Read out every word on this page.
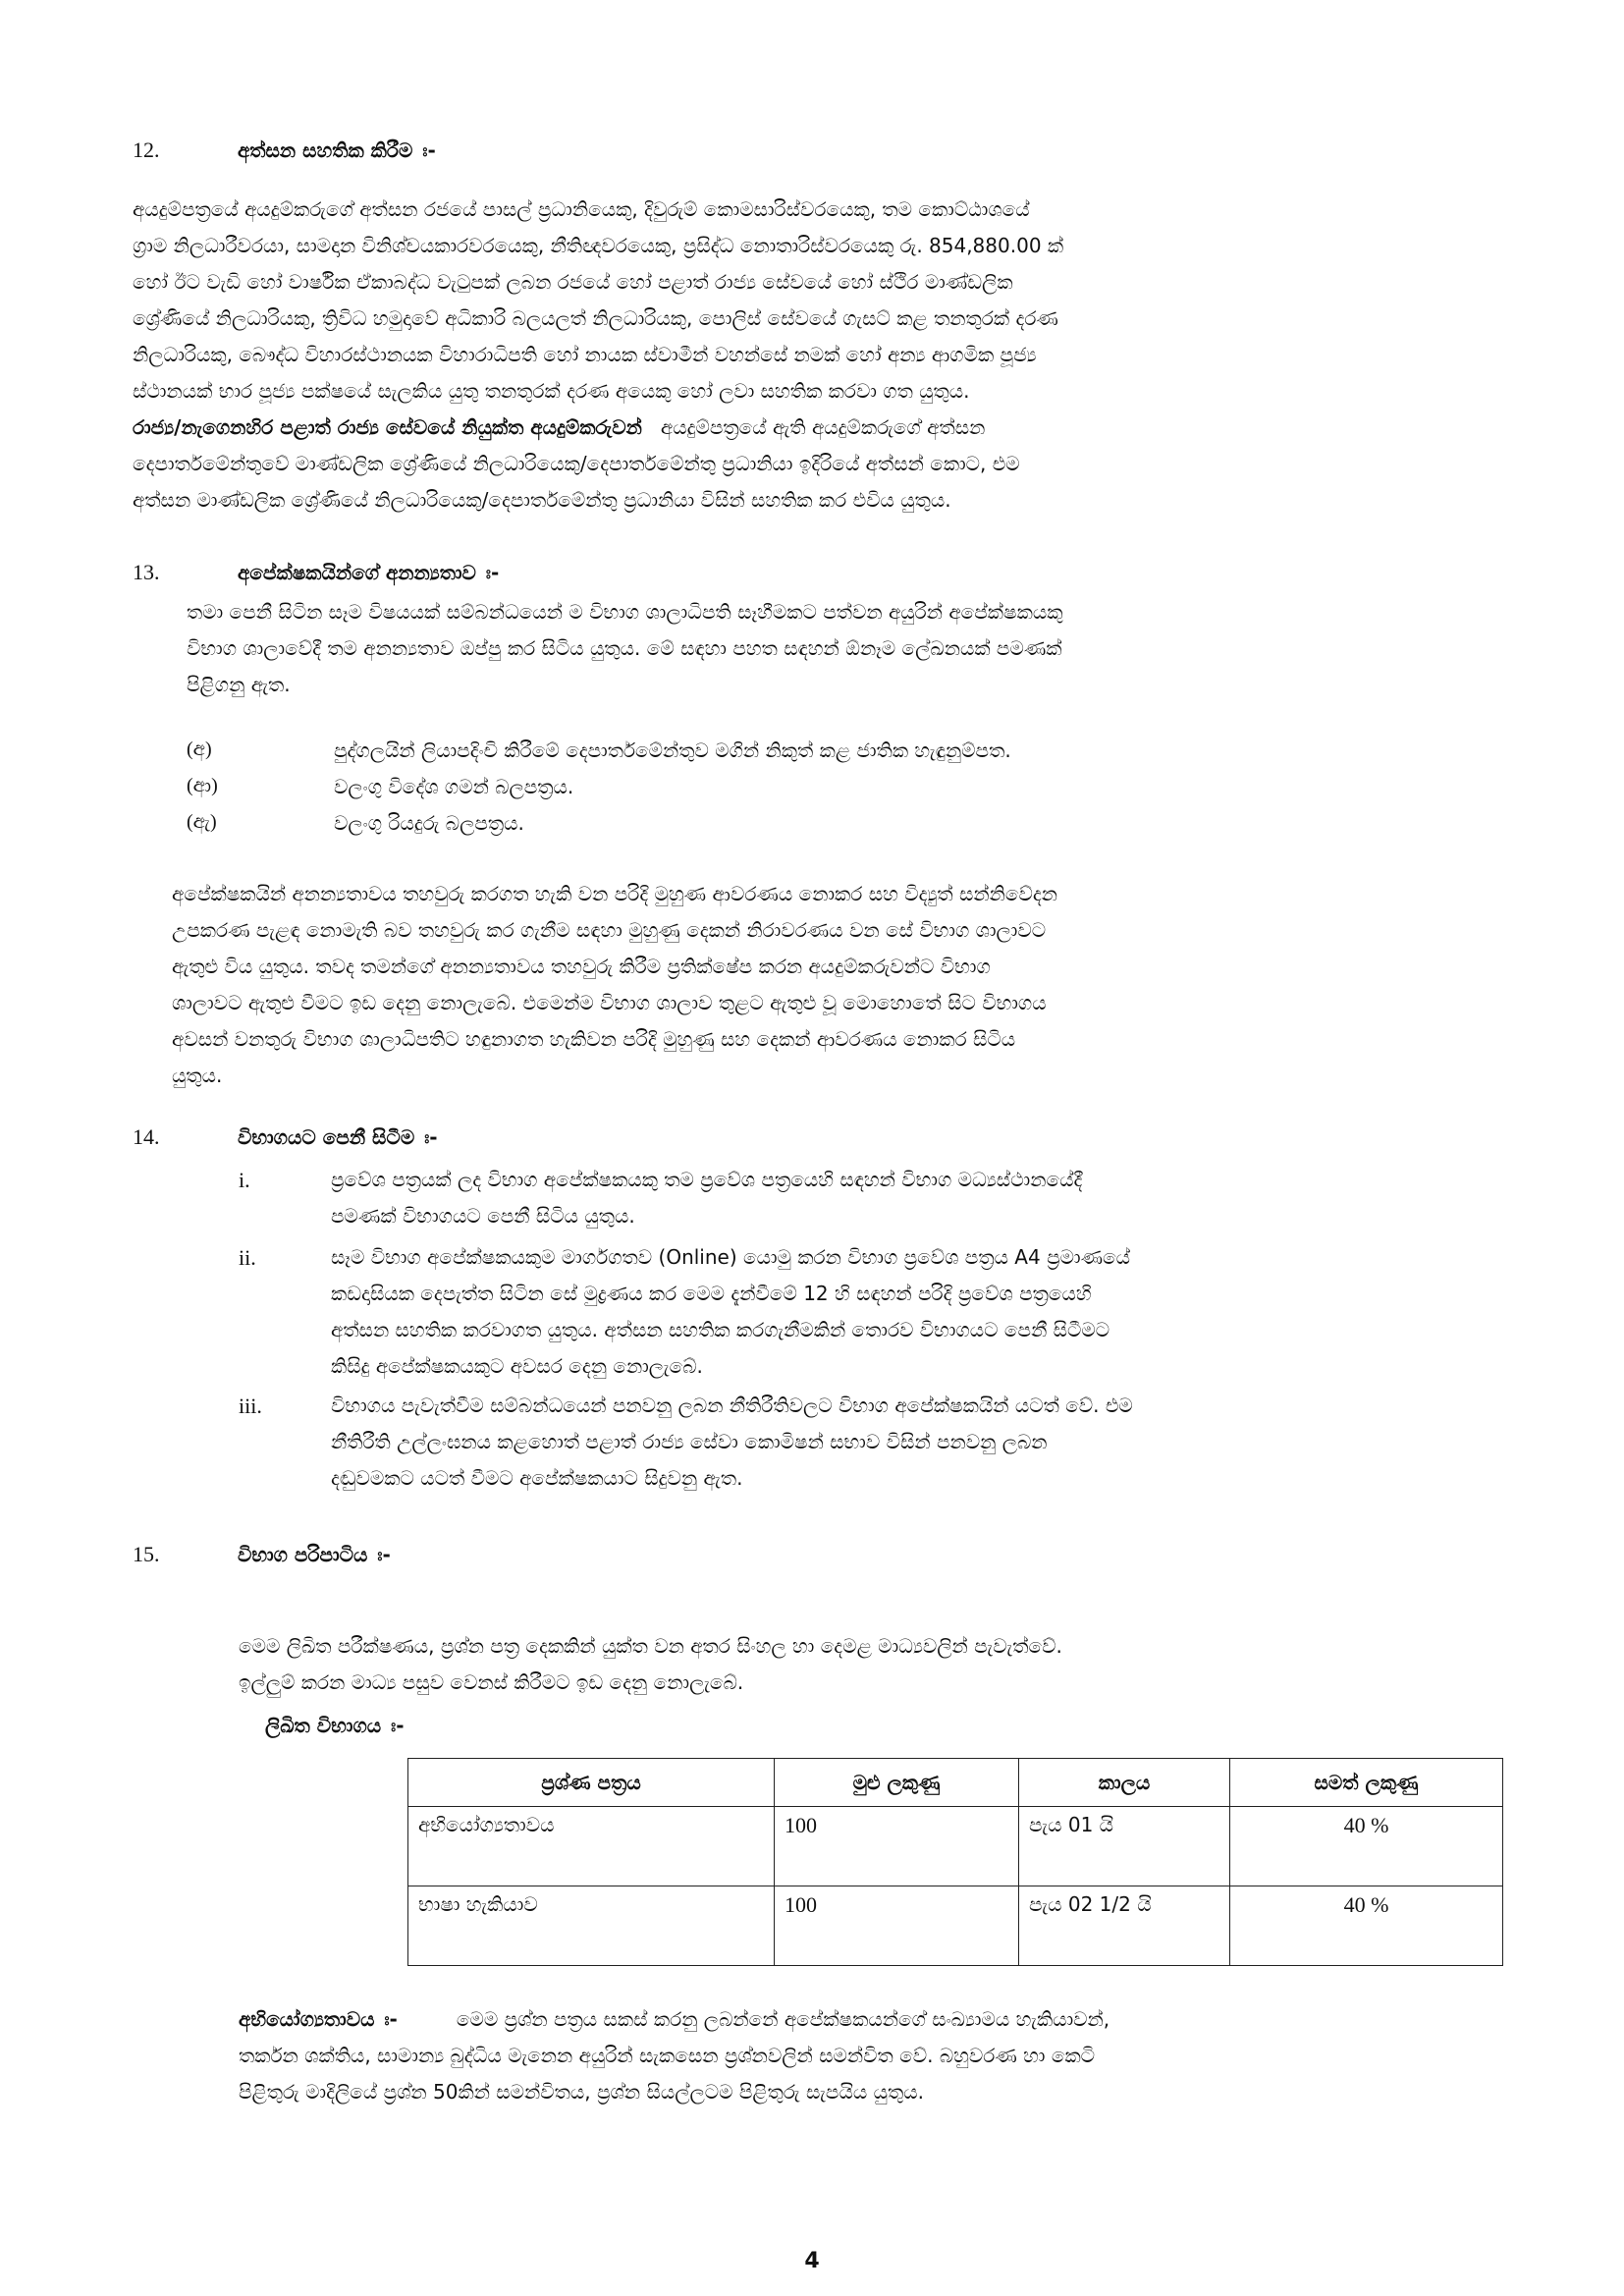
12.	අත්සන සහතික කිරීම ඃ-
අයදුම්පත්‍රයේ අයදුම්කරුගේ අත්සන රජයේ පාසල් ප්‍රධානියෙකු, දිවුරුම් කොමසාරිස්වරයෙකු, තම කොට්ඨාශයේ
ග්‍රාම නිලධාරීවරයා, සාමදාන විනිශ්චයකාරවරයෙකු, නීතිඥවරයෙකු, ප්‍රසිද්ධ නොතාරිස්වරයෙකු රු. 854,880.00 ක්
හෝ ඊට වැඩි හෝ වාර්ෂික ඒකාබද්ධ වැටුපක් ලබන රජයේ හෝ පළාත් රාජ්‍ය සේවයේ හෝ ස්ථිර මාණ්ඩලික
ශ්‍රේණියේ නිලධාරියකු, ත්‍රිවිධ හමුදාවේ අධිකාරි බලයලත් නිලධාරියකු, පොලිස් සේවයේ ගැසට් කළ තනතුරක් දරණ
නිලධාරියකු, බෞද්ධ විහාරස්ථානයක විහාරාධිපති හෝ නායක ස්වාමීන් වහන්සේ නමක් හෝ අන්‍ය ආගමික පූජ්‍ය
ස්ථානයක් භාර පූජ්‍ය පක්ෂයේ සැලකිය යුතු තනතුරක් දරණ අයෙකු හෝ ලවා සහතික කරවා ගත යුතුය.
රාජ්‍ය/නැගෙනහිර පළාත් රාජ්‍ය සේවයේ නියුක්ත අයදුම්කරුවන් අයදුම්පත්‍රයේ ඇති අයදුම්කරුගේ අත්සන
දෙපාර්තමේන්තුවේ මාණ්ඩලික ශ්‍රේණියේ නිලධාරියෙකු/දෙපාර්තමේන්තු ප්‍රධානියා ඉදිරියේ අත්සන් කොට, එම
අත්සන මාණ්ඩලික ශ්‍රේණියේ නිලධාරියෙකු/දෙපාර්තමේන්තු ප්‍රධානියා විසින් සහතික කර එවිය යුතුය.
13.	අපේක්ෂකයින්ගේ අනන්‍යතාව ඃ-
තමා පෙනී සිටින සෑම විෂයයක් සම්බන්ධයෙන් ම විභාග ශාලාධිපති සෑහීමකට පත්වන අයුරින් අපේක්ෂකයකු
විභාග ශාලාවේදී තම අනන්‍යතාව ඔප්පු කර සිටිය යුතුය. මේ සඳහා පහත සඳහන් ඕනෑම ලේඛනයක් පමණක්
පිළිගනු ඇත.
(අ)	පුද්ගලයින් ලියාපදිංචි කිරීමේ දෙපාර්තමේන්තුව මගින් නිකුත් කළ ජාතික හැඳුනුම්පත.
(ආ)	වලංගු විදේශ ගමන් බලපත්‍රය.
(ඇ)	වලංගු රියදුරු බලපත්‍රය.
අපේක්ෂකයින් අනන්‍යතාවය තහවුරු කරගත හැකි වන පරිදි මුහුණ ආවරණය නොකර සහ විද්‍යුත් සන්නිවේදන
උපකරණ පැළඳ නොමැති බව තහවුරු කර ගැනීම සඳහා මුහුණු දෙකන් නිරාවරණය වන සේ විභාග ශාලාවට
ඇතුළු විය යුතුය. තවද තමන්ගේ අනන්‍යතාවය තහවුරු කිරීම ප්‍රතික්ෂේප කරන අයදුම්කරුවන්ට විභාග
ශාලාවට ඇතුළු වීමට ඉඩ දෙනු නොලැබේ. එමෙන්ම විභාග ශාලාව තුළට ඇතුළු වූ මොහොතේ සිට විභාගය
අවසන් වනතුරු විභාග ශාලාධිපතිට හඳුනාගත හැකිවන පරිදි මුහුණු සහ දෙකන් ආවරණය නොකර සිටිය
යුතුය.
14.	විභාගයට පෙනී සිටීම ඃ-
i.	ප්‍රවේශ පත්‍රයක් ලද විභාග අපේක්ෂකයකු තම ප්‍රවේශ පත්‍රයෙහි සඳහන් විභාග මධ්‍යස්ථානයේදී
පමණක් විභාගයට පෙනී සිටිය යුතුය.
ii.	සෑම විභාග අපේක්ෂකයකුම මාර්ගගතව (Online) යොමු කරන විභාග ප්‍රවේශ පත්‍රය A4 ප්‍රමාණයේ
කඩදාසියක දෙපැත්ත සිටින සේ මුද්‍රණය කර මෙම දැන්වීමේ 12 හි සඳහන් පරිදි ප්‍රවේශ පත්‍රයෙහි
අත්සන සහතික කරවාගත යුතුය. අත්සන සහතික කරගැනීමකින් තොරව විභාගයට පෙනී සිටීමට
කිසිදු අපේක්ෂකයකුට අවසර දෙනු නොලැබේ.
iii.	විභාගය පැවැත්වීම සම්බන්ධයෙන් පනවනු ලබන නීතිරීතිවලට විභාග අපේක්ෂකයින් යටත් වේ. එම
නීතිරීති උල්ලංඝනය කළහොත් පළාත් රාජ්‍ය සේවා කොමිෂන් සභාව විසින් පනවනු ලබන
දඬුවමකට යටත් වීමට අපේක්ෂකයාට සිදුවනු ඇත.
15.	විභාග පරිපාටිය ඃ-
මෙම ලිඛිත පරීක්ෂණය, ප්‍රශ්න පත්‍ර දෙකකින් යුක්ත වන අතර සිංහල හා දෙමළ මාධ්‍යවලින් පැවැත්වේ.
ඉල්ලුම් කරන මාධ්‍ය පසුව වෙනස් කිරීමට ඉඩ දෙනු නොලැබේ.
ලිඛිත විභාගය ඃ-
ප්‍රශ්ණ පත්‍රය	මුළු ලකුණු	කාලය	සමත් ලකුණු
අභියෝග්‍යතාවය	100	පැය 01 යි	40 %
භාෂා හැකියාව	100	පැය 02 1/2 යි	40 %
අභියෝග්‍යතාවය ඃ-	මෙම ප්‍රශ්න පත්‍රය සකස් කරනු ලබන්නේ අපේක්ෂකයන්ගේ සංඛ්‍යාමය හැකියාවන්,
තර්කන ශක්තිය, සාමාන්‍ය බුද්ධිය මැනෙන අයුරින් සැකසෙන ප්‍රශ්නවලින් සමන්විත වේ. බහුවරණ හා කෙටි
පිළිතුරු මාදිලියේ ප්‍රශ්න 50කින් සමන්විතය, ප්‍රශ්න සියල්ලටම පිළිතුරු සැපයිය යුතුය.
4
